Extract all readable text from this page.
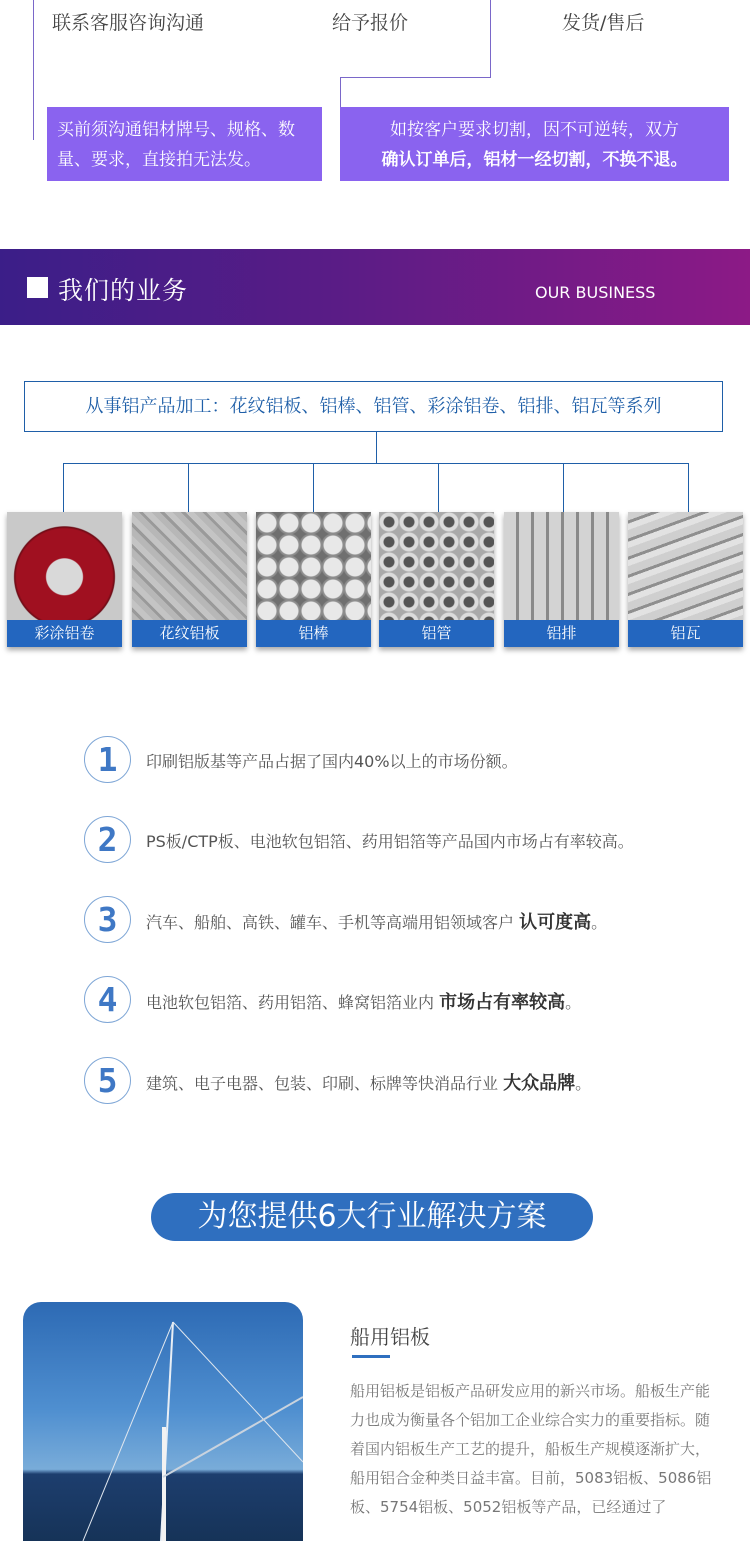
联系客服咨询沟通	给予报价	发货/售后
买前须沟通铝材牌号、规格、数量、要求，直接拍无法发。
如按客户要求切割，因不可逆转，双方
确认订单后，铝材一经切割，不换不退。
我们的业务	OUR BUSINESS
从事铝产品加工：花纹铝板、铝棒、铝管、彩涂铝卷、铝排、铝瓦等系列
彩涂铝卷	花纹铝板	铝棒	铝管	铝排	铝瓦
1	印刷铝版基等产品占据了国内40%以上的市场份额。
2	PS板/CTP板、电池软包铝箔、药用铝箔等产品国内市场占有率较高。
3	汽车、船舶、高铁、罐车、手机等高端用铝领域客户 认可度高。
4	电池软包铝箔、药用铝箔、蜂窝铝箔业内 市场占有率较高。
5	建筑、电子电器、包装、印刷、标牌等快消品行业 大众品牌。
为您提供6大行业解决方案
船用铝板
船用铝板是铝板产品研发应用的新兴市场。船板生产能力也成为衡量各个铝加工企业综合实力的重要指标。随着国内铝板生产工艺的提升，船板生产规模逐渐扩大，船用铝合金种类日益丰富。目前，5083铝板、5086铝板、5754铝板、5052铝板等产品，已经通过了
